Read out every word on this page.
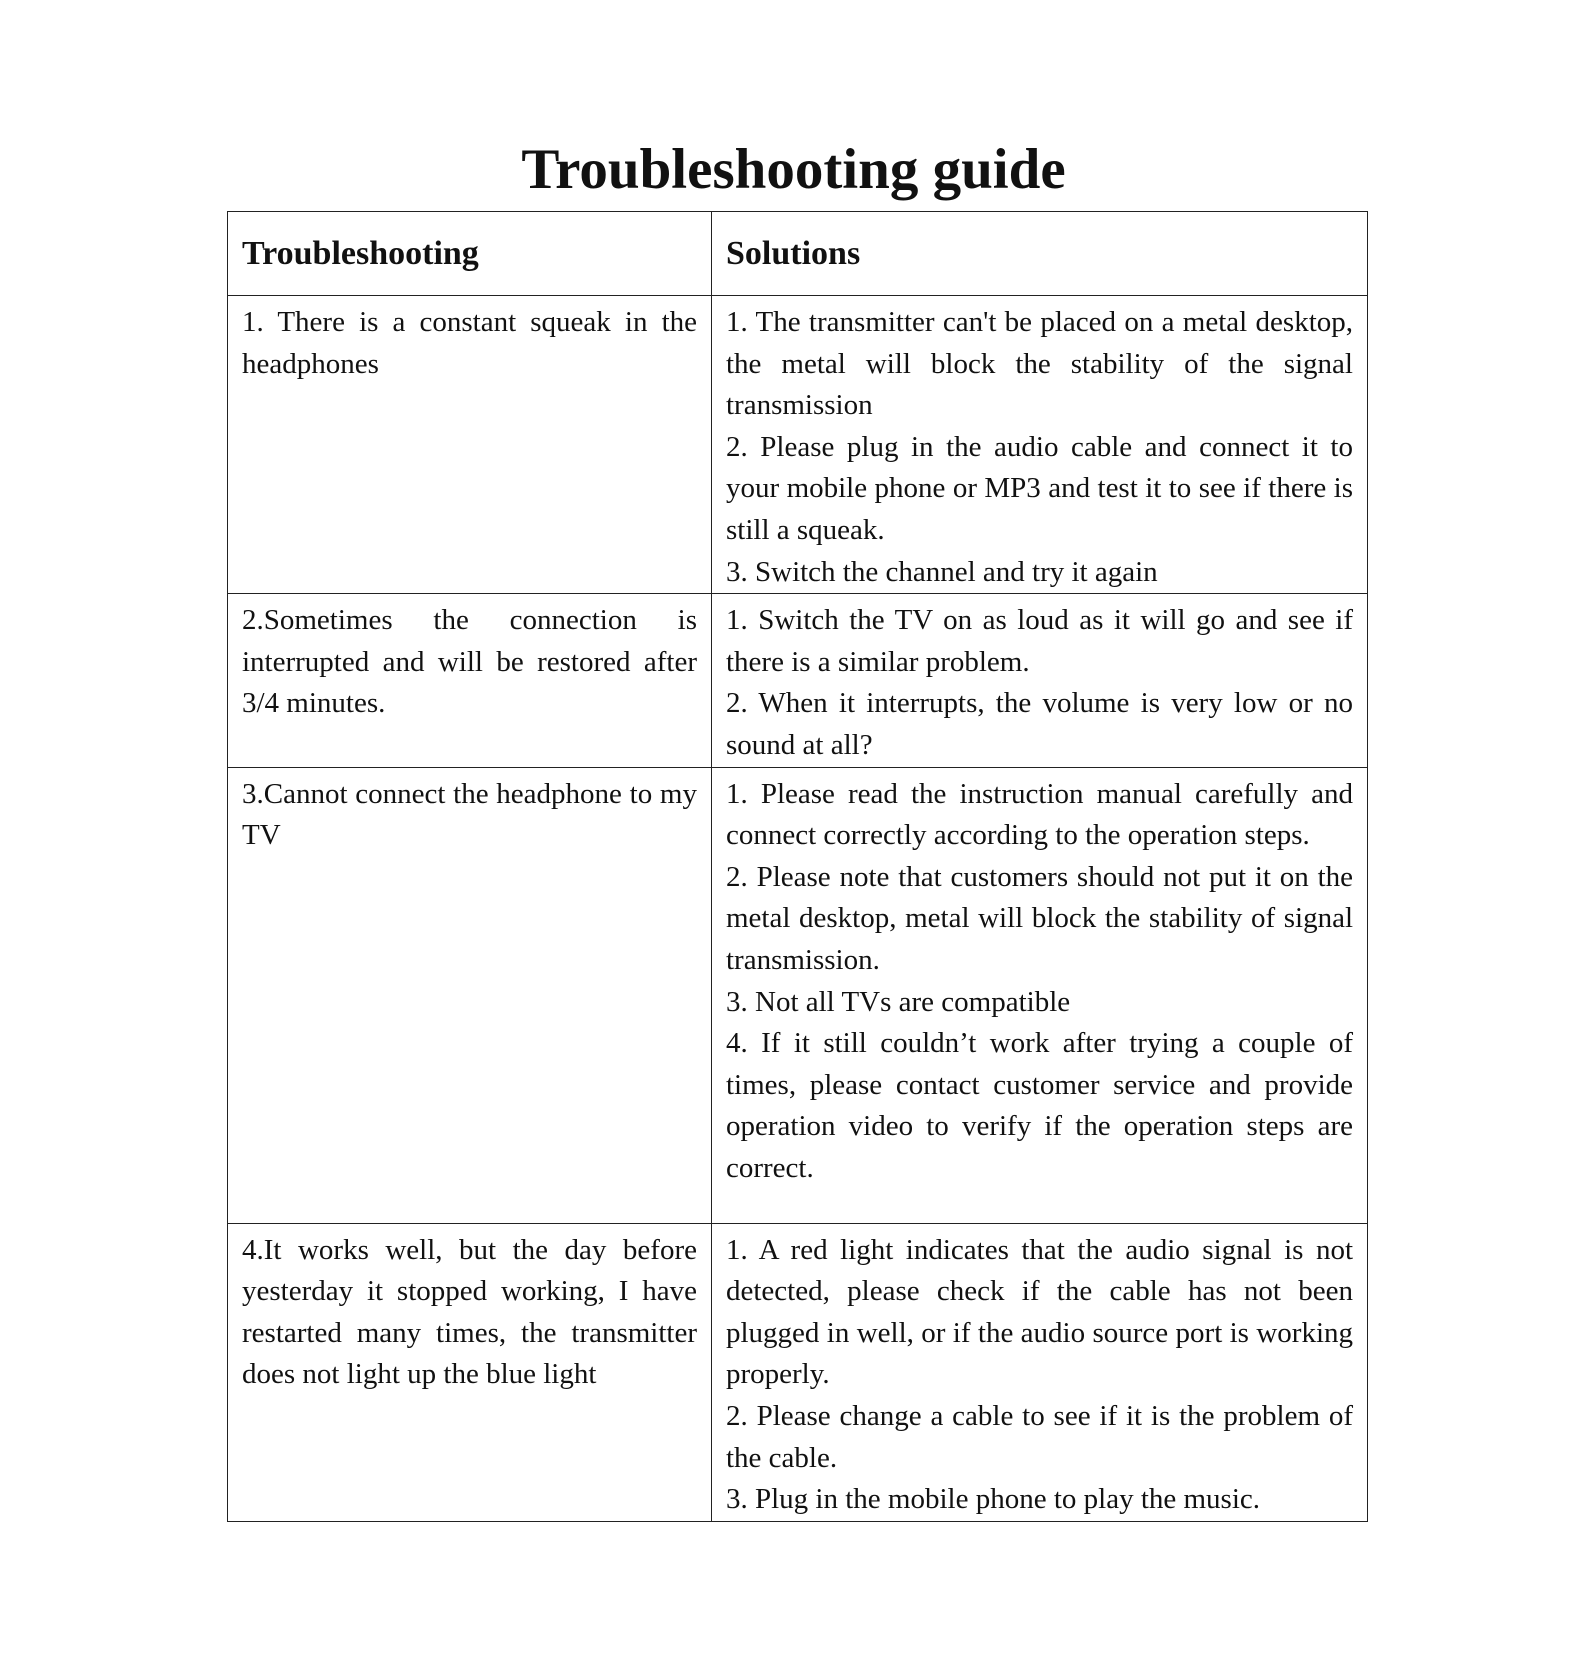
Troubleshooting guide
Troubleshooting	Solutions
1. There is a constant squeak in the headphones	1. The transmitter can't be placed on a metal desktop, the metal will block the stability of the signal transmission
2. Please plug in the audio cable and connect it to your mobile phone or MP3 and test it to see if there is still a squeak.
3. Switch the channel and try it again

2.Sometimes the connection is interrupted and will be restored after 3/4 minutes.	1. Switch the TV on as loud as it will go and see if there is a similar problem.
2. When it interrupts, the volume is very low or no sound at all?

3.Cannot connect the headphone to my TV	1. Please read the instruction manual carefully and connect correctly according to the operation steps.
2. Please note that customers should not put it on the metal desktop, metal will block the stability of signal transmission.
3. Not all TVs are compatible
4. If it still couldn’t work after trying a couple of times, please contact customer service and provide operation video to verify if the operation steps are correct.

4.It works well, but the day before yesterday it stopped working, I have restarted many times, the transmitter does not light up the blue light	1. A red light indicates that the audio signal is not detected, please check if the cable has not been plugged in well, or if the audio source port is working properly.
2. Please change a cable to see if it is the problem of the cable.
3. Plug in the mobile phone to play the music.
